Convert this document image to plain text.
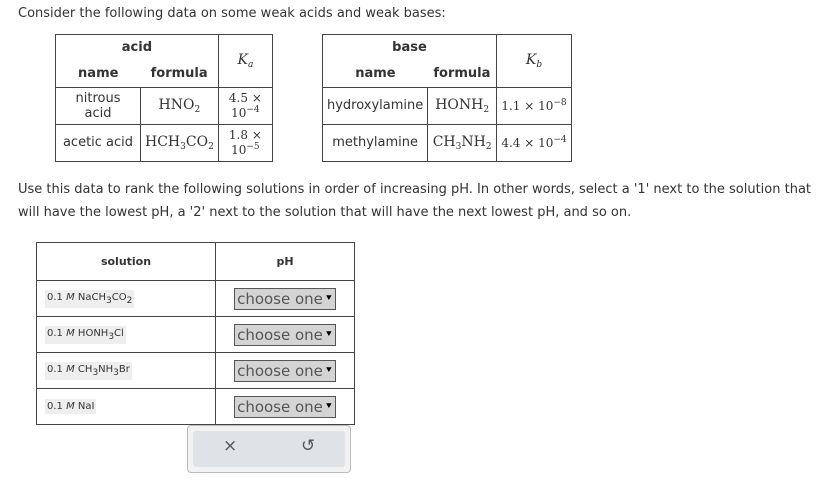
Consider the following data on some weak acids and weak bases:
acid		$K_a$
name	formula	
nitrous acid	$HNO_2$	$4.5 \times 10^{-4}$
acetic acid	$HCH_3CO_2$	$1.8 \times 10^{-5}$
base		$K_b$
name	formula	
hydroxylamine	$HONH_2$	$1.1 \times 10^{-8}$
methylamine	$CH_3NH_2$	$4.4 \times 10^{-4}$
Use this data to rank the following solutions in order of increasing pH. In other words, select a '1' next to the solution that will have the lowest pH, a '2' next to the solution that will have the next lowest pH, and so on.
solution	pH
0.1 M $NaCH_3CO_2$	choose one ⯆

0.1 M $HONH_3Cl$	choose one ⯆

0.1 M $CH_3NH_3Br$	choose one ⯆

0.1 M NaI	choose one ⯆
×	↺
